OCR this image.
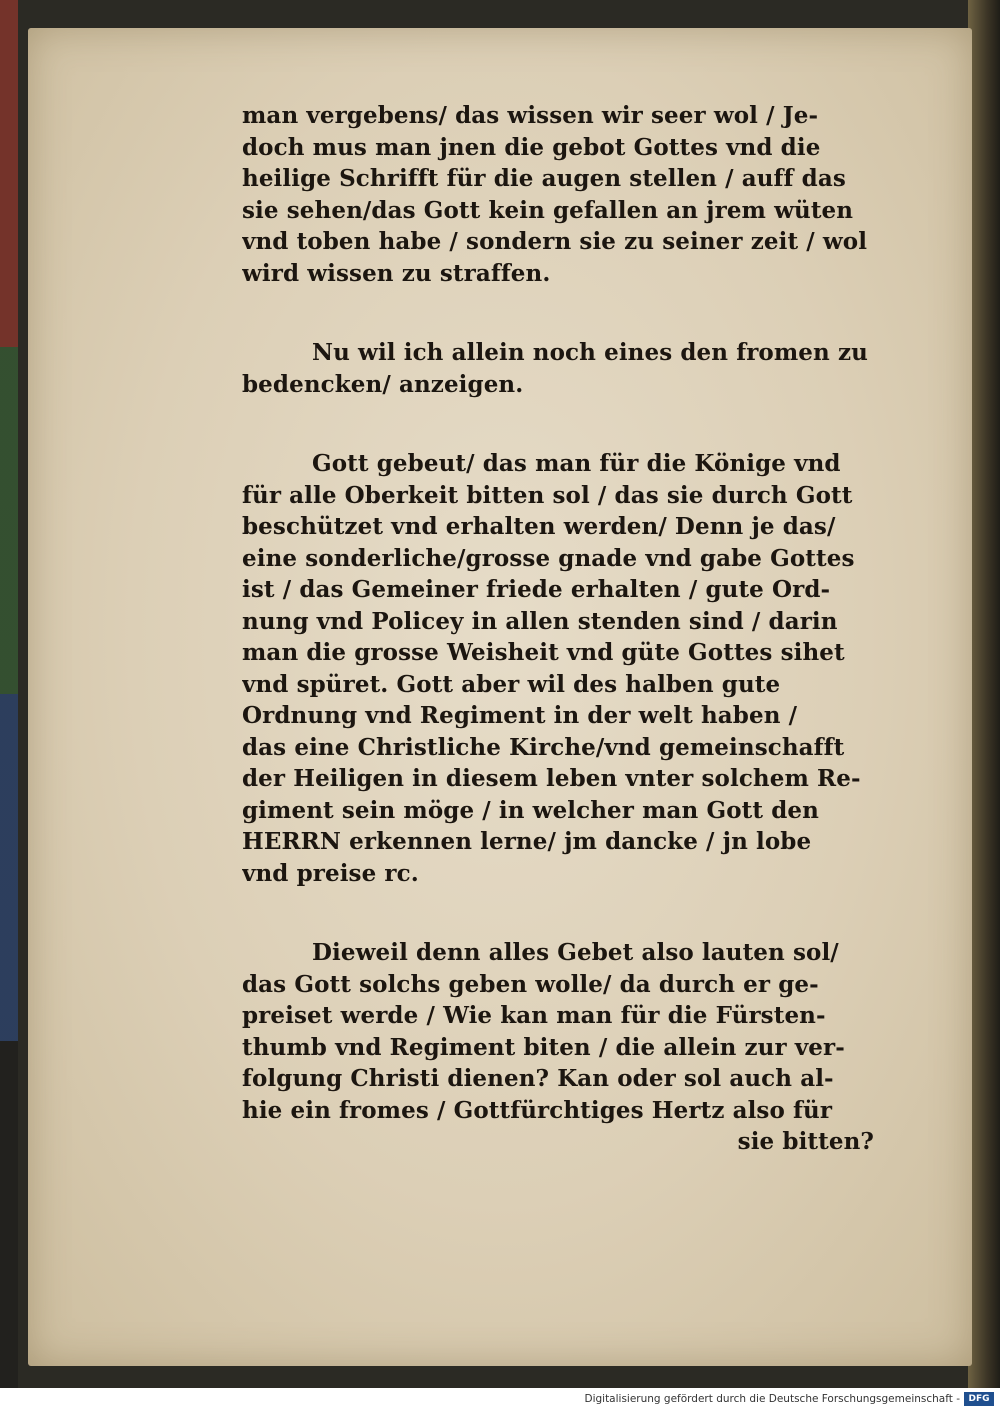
man vergebens/ das wissen wir seer wol / Je-
doch mus man jnen die gebot Gottes vnd die
heilige Schrifft für die augen stellen / auff das
sie sehen/das Gott kein gefallen an jrem wüten
vnd toben habe / sondern sie zu seiner zeit / wol
wird wissen zu straffen.
Nu wil ich allein noch eines den fromen zu
bedencken/ anzeigen.
Gott gebeut/ das man für die Könige vnd
für alle Oberkeit bitten sol / das sie durch Gott
beschützet vnd erhalten werden/ Denn je das/
eine sonderliche/grosse gnade vnd gabe Gottes
ist / das Gemeiner friede erhalten / gute Ord-
nung vnd Policey in allen stenden sind / darin
man die grosse Weisheit vnd güte Gottes sihet
vnd spüret. Gott aber wil des halben gute
Ordnung vnd Regiment in der welt haben /
das eine Christliche Kirche/vnd gemeinschafft
der Heiligen in diesem leben vnter solchem Re-
giment sein möge / in welcher man Gott den
HERRN erkennen lerne/ jm dancke / jn lobe
vnd preise rc.
Dieweil denn alles Gebet also lauten sol/
das Gott solchs geben wolle/ da durch er ge-
preiset werde / Wie kan man für die Fürsten-
thumb vnd Regiment biten / die allein zur ver-
folgung Christi dienen? Kan oder sol auch al-
hie ein fromes / Gottfürchtiges Hertz also für
sie bitten?
Digitalisierung gefördert durch die Deutsche Forschungsgemeinschaft - DFG
